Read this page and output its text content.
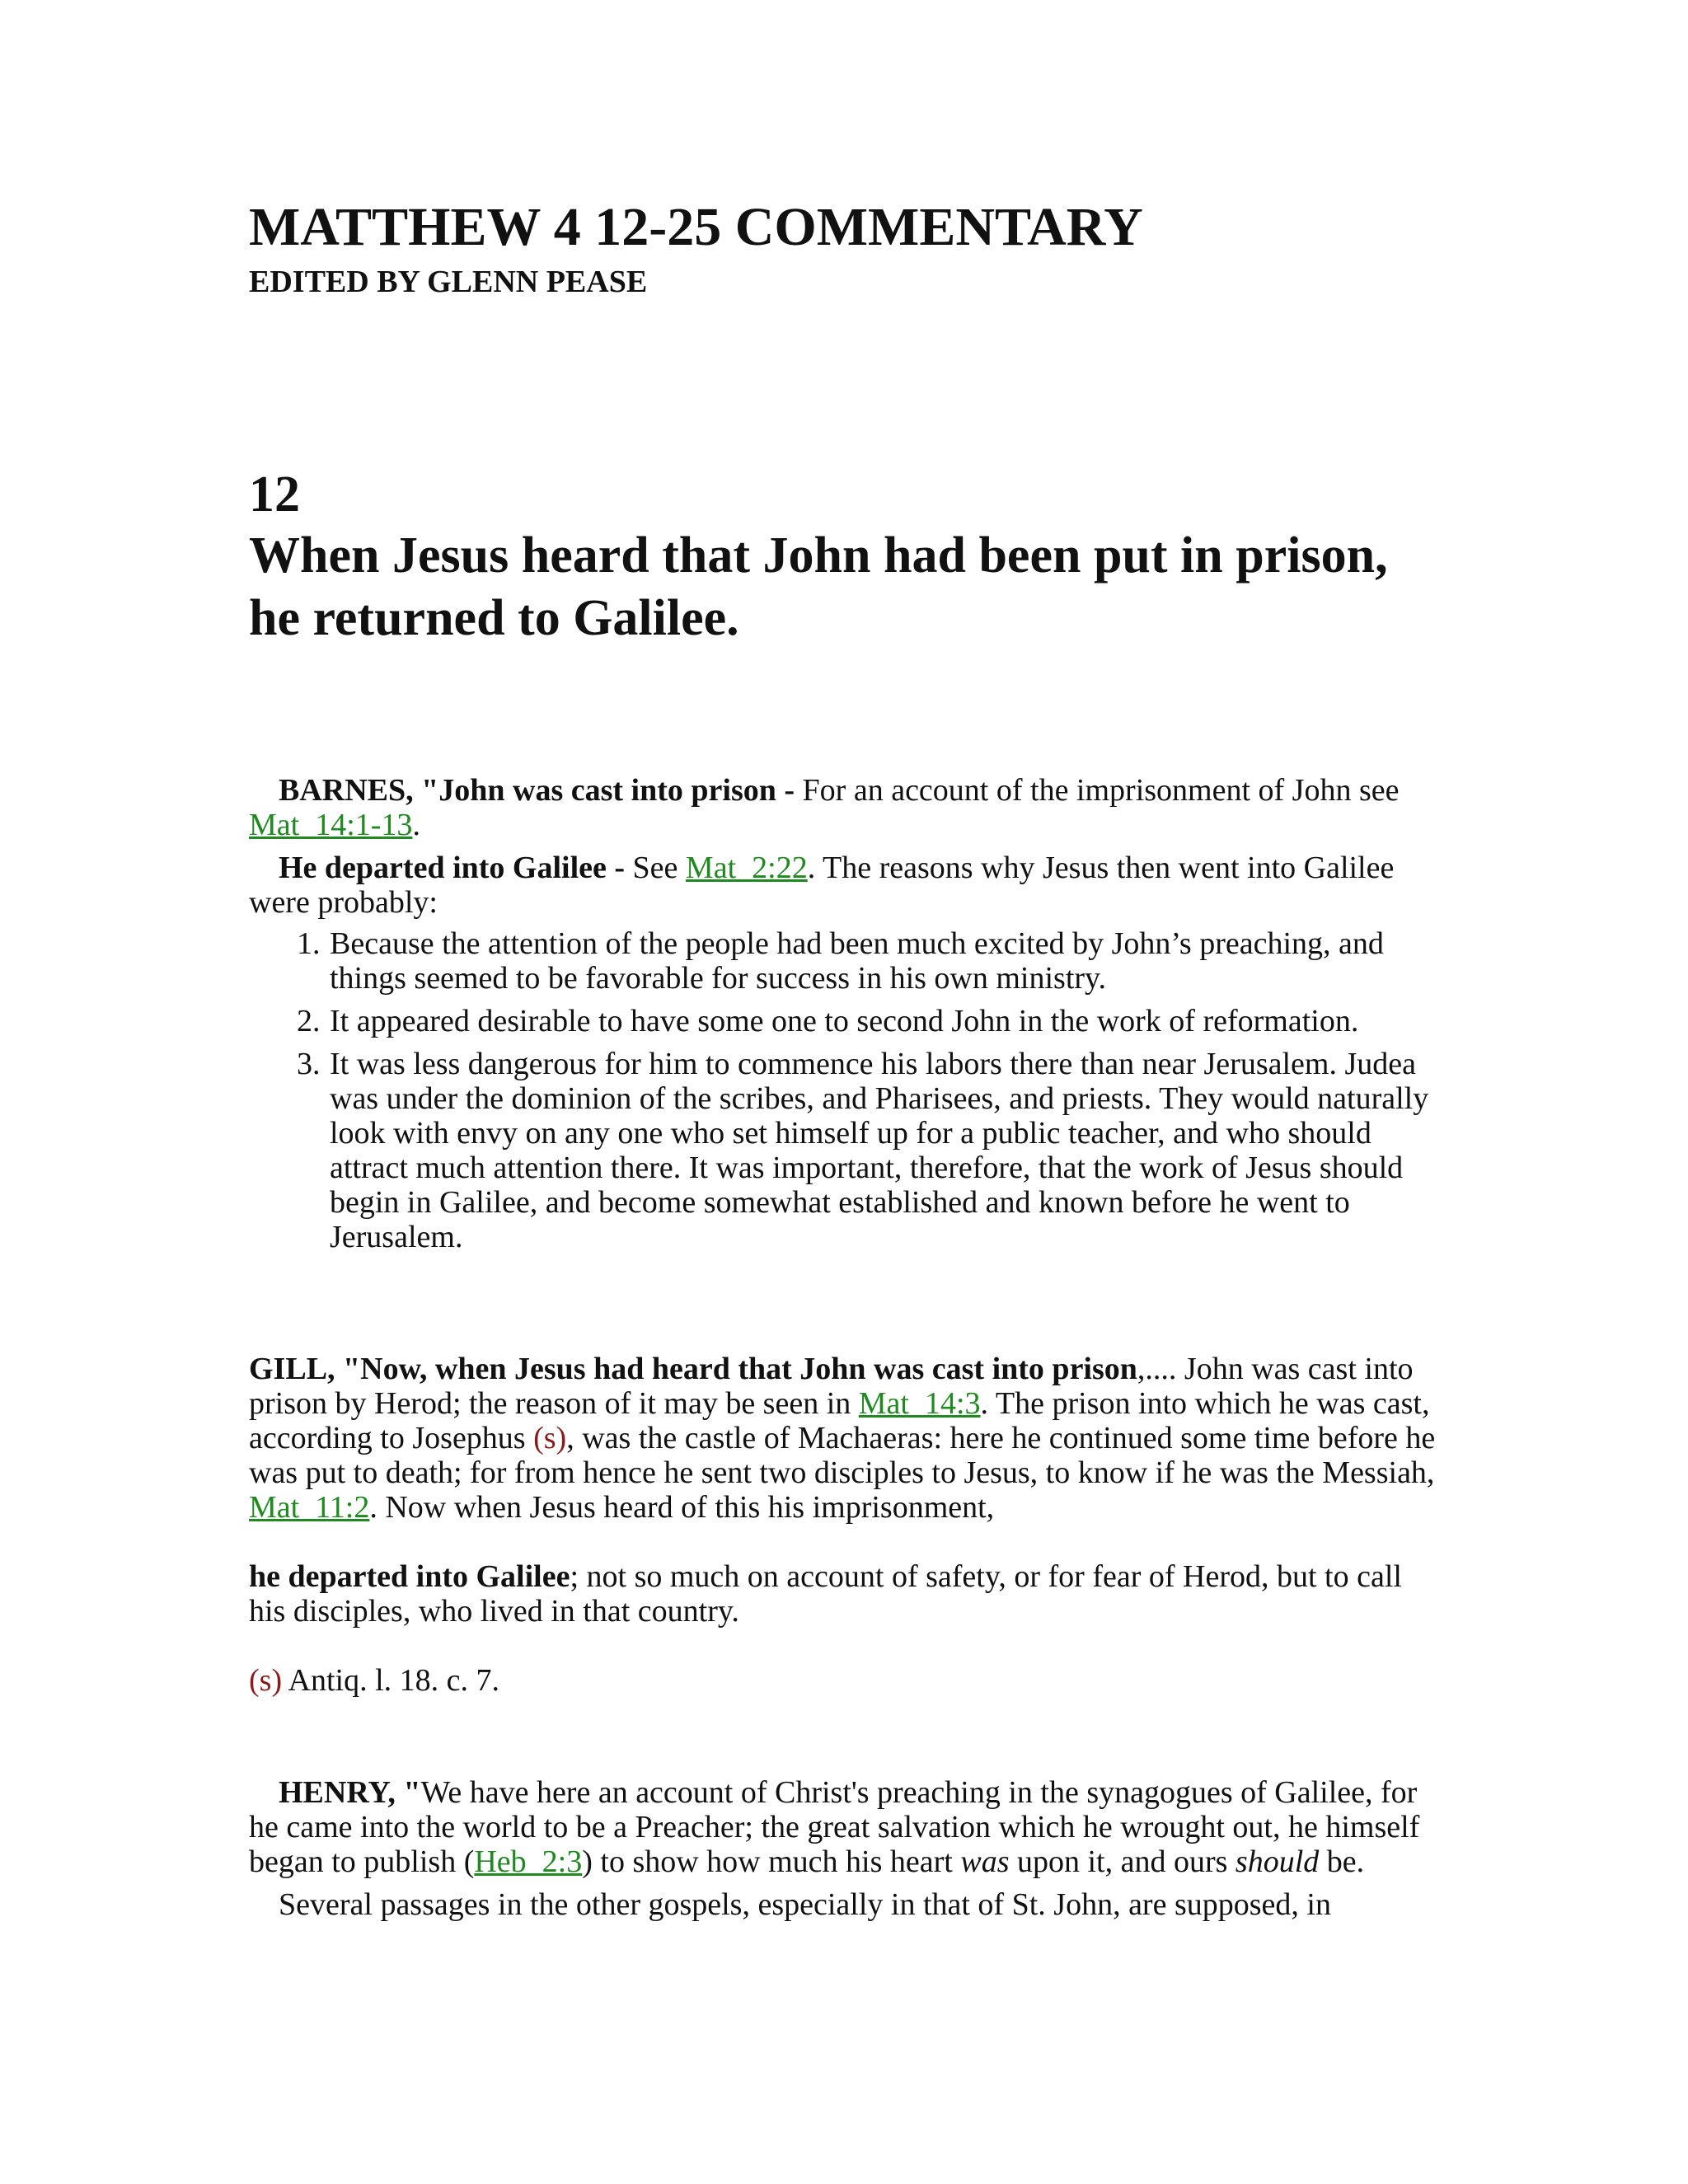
MATTHEW 4 12-25 COMMENTARY
EDITED BY GLENN PEASE
12
When Jesus heard that John had been put in prison, he returned to Galilee.

BARNES, "John was cast into prison - For an account of the imprisonment of John see Mat_14:1-13.

He departed into Galilee - See Mat_2:22. The reasons why Jesus then went into Galilee were probably:

1. Because the attention of the people had been much excited by John’s preaching, and things seemed to be favorable for success in his own ministry.
2. It appeared desirable to have some one to second John in the work of reformation.
3. It was less dangerous for him to commence his labors there than near Jerusalem. Judea was under the dominion of the scribes, and Pharisees, and priests. They would naturally look with envy on any one who set himself up for a public teacher, and who should attract much attention there. It was important, therefore, that the work of Jesus should begin in Galilee, and become somewhat established and known before he went to Jerusalem.

GILL, "Now, when Jesus had heard that John was cast into prison,.... John was cast into prison by Herod; the reason of it may be seen in Mat_14:3. The prison into which he was cast, according to Josephus (s), was the castle of Machaeras: here he continued some time before he was put to death; for from hence he sent two disciples to Jesus, to know if he was the Messiah, Mat_11:2. Now when Jesus heard of this his imprisonment,

he departed into Galilee; not so much on account of safety, or for fear of Herod, but to call his disciples, who lived in that country.

(s) Antiq. l. 18. c. 7.

HENRY, "We have here an account of Christ's preaching in the synagogues of Galilee, for he came into the world to be a Preacher; the great salvation which he wrought out, he himself began to publish (Heb_2:3) to show how much his heart was upon it, and ours should be.

Several passages in the other gospels, especially in that of St. John, are supposed, in
